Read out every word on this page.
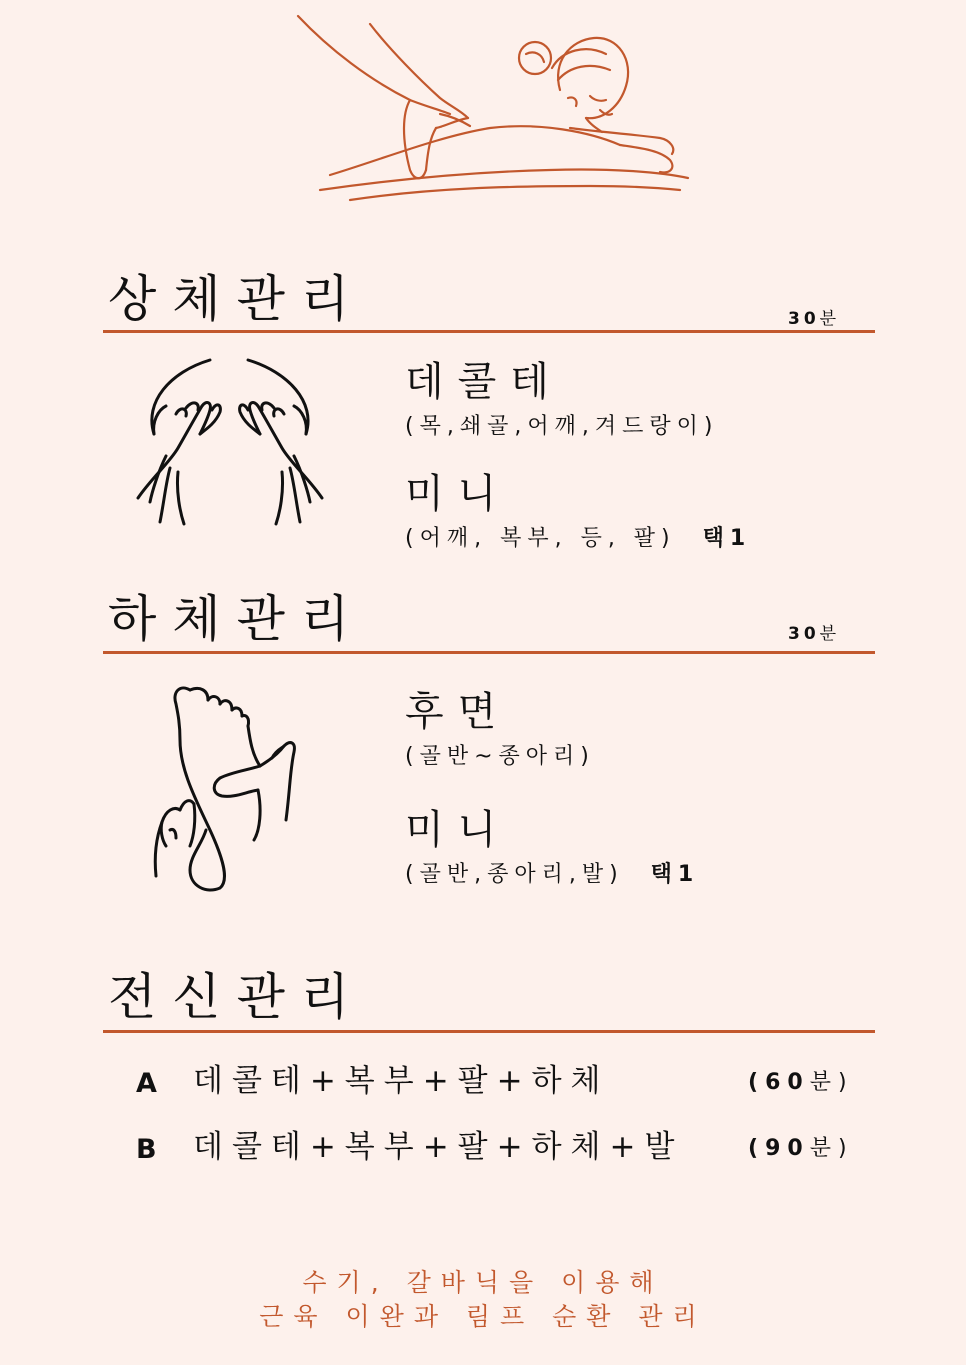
상체관리	30분
데콜테
(목,쇄골,어깨,겨드랑이)
미니
(어깨, 복부, 등, 팔) 택1
하체관리	30분
후면
(골반~종아리)
미니
(골반,종아리,발) 택1
전신관리
A 데콜테+복부+팔+하체	(60분)
B 데콜테+복부+팔+하체+발	(90분)
수기, 갈바닉을 이용해
근육 이완과 림프 순환 관리
